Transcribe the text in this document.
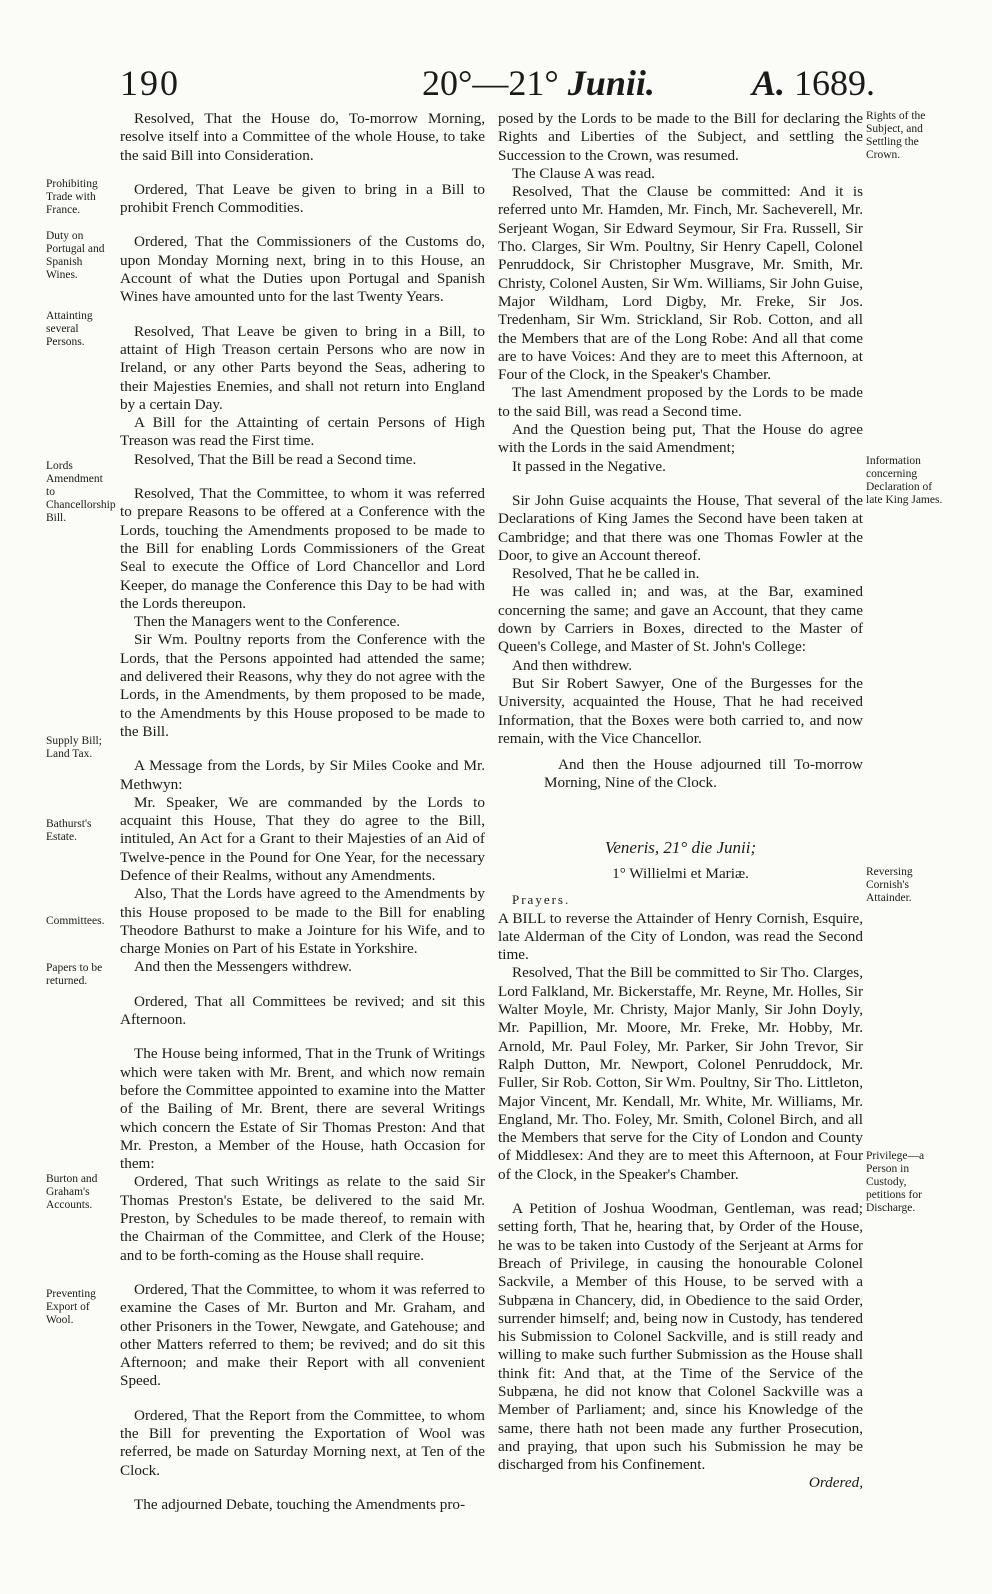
190	20°—21° Junii.	A. 1689.
Prohibiting Trade with France.
Duty on Portugal and Spanish Wines.
Attainting several Persons.
Lords Amendment to Chancellorship Bill.
Supply Bill; Land Tax.
Bathurst's Estate.
Committees.
Papers to be returned.
Burton and Graham's Accounts.
Preventing Export of Wool.
Rights of the Subject, and Settling the Crown.
Information concerning Declaration of late King James.
Reversing Cornish's Attainder.
Privilege—a Person in Custody, petitions for Discharge.

Resolved, That the House do, To-morrow Morning, resolve itself into a Committee of the whole House, to take the said Bill into Consideration.

Ordered, That Leave be given to bring in a Bill to prohibit French Commodities.

Ordered, That the Commissioners of the Customs do, upon Monday Morning next, bring in to this House, an Account of what the Duties upon Portugal and Spanish Wines have amounted unto for the last Twenty Years.

Resolved, That Leave be given to bring in a Bill, to attaint of High Treason certain Persons who are now in Ireland, or any other Parts beyond the Seas, adhering to their Majesties Enemies, and shall not return into England by a certain Day.

A Bill for the Attainting of certain Persons of High Treason was read the First time.

Resolved, That the Bill be read a Second time.

Resolved, That the Committee, to whom it was referred to prepare Reasons to be offered at a Conference with the Lords, touching the Amendments proposed to be made to the Bill for enabling Lords Commissioners of the Great Seal to execute the Office of Lord Chancellor and Lord Keeper, do manage the Conference this Day to be had with the Lords thereupon.

Then the Managers went to the Conference.

Sir Wm. Poultny reports from the Conference with the Lords, that the Persons appointed had attended the same; and delivered their Reasons, why they do not agree with the Lords, in the Amendments, by them proposed to be made, to the Amendments by this House proposed to be made to the Bill.

A Message from the Lords, by Sir Miles Cooke and Mr. Methwyn:

Mr. Speaker, We are commanded by the Lords to acquaint this House, That they do agree to the Bill, intituled, An Act for a Grant to their Majesties of an Aid of Twelve-pence in the Pound for One Year, for the necessary Defence of their Realms, without any Amendments.

Also, That the Lords have agreed to the Amendments by this House proposed to be made to the Bill for enabling Theodore Bathurst to make a Jointure for his Wife, and to charge Monies on Part of his Estate in Yorkshire.

And then the Messengers withdrew.

Ordered, That all Committees be revived; and sit this Afternoon.

The House being informed, That in the Trunk of Writings which were taken with Mr. Brent, and which now remain before the Committee appointed to examine into the Matter of the Bailing of Mr. Brent, there are several Writings which concern the Estate of Sir Thomas Preston: And that Mr. Preston, a Member of the House, hath Occasion for them:

Ordered, That such Writings as relate to the said Sir Thomas Preston's Estate, be delivered to the said Mr. Preston, by Schedules to be made thereof, to remain with the Chairman of the Committee, and Clerk of the House; and to be forth-coming as the House shall require.

Ordered, That the Committee, to whom it was referred to examine the Cases of Mr. Burton and Mr. Graham, and other Prisoners in the Tower, Newgate, and Gatehouse; and other Matters referred to them; be revived; and do sit this Afternoon; and make their Report with all convenient Speed.

Ordered, That the Report from the Committee, to whom the Bill for preventing the Exportation of Wool was referred, be made on Saturday Morning next, at Ten of the Clock.

The adjourned Debate, touching the Amendments pro-

posed by the Lords to be made to the Bill for declaring the Rights and Liberties of the Subject, and settling the Succession to the Crown, was resumed.

The Clause A was read.

Resolved, That the Clause be committed: And it is referred unto Mr. Hamden, Mr. Finch, Mr. Sacheverell, Mr. Serjeant Wogan, Sir Edward Seymour, Sir Fra. Russell, Sir Tho. Clarges, Sir Wm. Poultny, Sir Henry Capell, Colonel Penruddock, Sir Christopher Musgrave, Mr. Smith, Mr. Christy, Colonel Austen, Sir Wm. Williams, Sir John Guise, Major Wildham, Lord Digby, Mr. Freke, Sir Jos. Tredenham, Sir Wm. Strickland, Sir Rob. Cotton, and all the Members that are of the Long Robe: And all that come are to have Voices: And they are to meet this Afternoon, at Four of the Clock, in the Speaker's Chamber.

The last Amendment proposed by the Lords to be made to the said Bill, was read a Second time.

And the Question being put, That the House do agree with the Lords in the said Amendment;

It passed in the Negative.

Sir John Guise acquaints the House, That several of the Declarations of King James the Second have been taken at Cambridge; and that there was one Thomas Fowler at the Door, to give an Account thereof.

Resolved, That he be called in.

He was called in; and was, at the Bar, examined concerning the same; and gave an Account, that they came down by Carriers in Boxes, directed to the Master of Queen's College, and Master of St. John's College:

And then withdrew.

But Sir Robert Sawyer, One of the Burgesses for the University, acquainted the House, That he had received Information, that the Boxes were both carried to, and now remain, with the Vice Chancellor.

And then the House adjourned till To-morrow Morning, Nine of the Clock.

Veneris, 21° die Junii;

1° Willielmi et Mariæ.

Prayers.

A BILL to reverse the Attainder of Henry Cornish, Esquire, late Alderman of the City of London, was read the Second time.

Resolved, That the Bill be committed to Sir Tho. Clarges, Lord Falkland, Mr. Bickerstaffe, Mr. Reyne, Mr. Holles, Sir Walter Moyle, Mr. Christy, Major Manly, Sir John Doyly, Mr. Papillion, Mr. Moore, Mr. Freke, Mr. Hobby, Mr. Arnold, Mr. Paul Foley, Mr. Parker, Sir John Trevor, Sir Ralph Dutton, Mr. Newport, Colonel Penruddock, Mr. Fuller, Sir Rob. Cotton, Sir Wm. Poultny, Sir Tho. Littleton, Major Vincent, Mr. Kendall, Mr. White, Mr. Williams, Mr. England, Mr. Tho. Foley, Mr. Smith, Colonel Birch, and all the Members that serve for the City of London and County of Middlesex: And they are to meet this Afternoon, at Four of the Clock, in the Speaker's Chamber.

A Petition of Joshua Woodman, Gentleman, was read; setting forth, That he, hearing that, by Order of the House, he was to be taken into Custody of the Serjeant at Arms for Breach of Privilege, in causing the honourable Colonel Sackvile, a Member of this House, to be served with a Subpæna in Chancery, did, in Obedience to the said Order, surrender himself; and, being now in Custody, has tendered his Submission to Colonel Sackville, and is still ready and willing to make such further Submission as the House shall think fit: And that, at the Time of the Service of the Subpæna, he did not know that Colonel Sackville was a Member of Parliament; and, since his Knowledge of the same, there hath not been made any further Prosecution, and praying, that upon such his Submission he may be discharged from his Confinement.

Ordered,
